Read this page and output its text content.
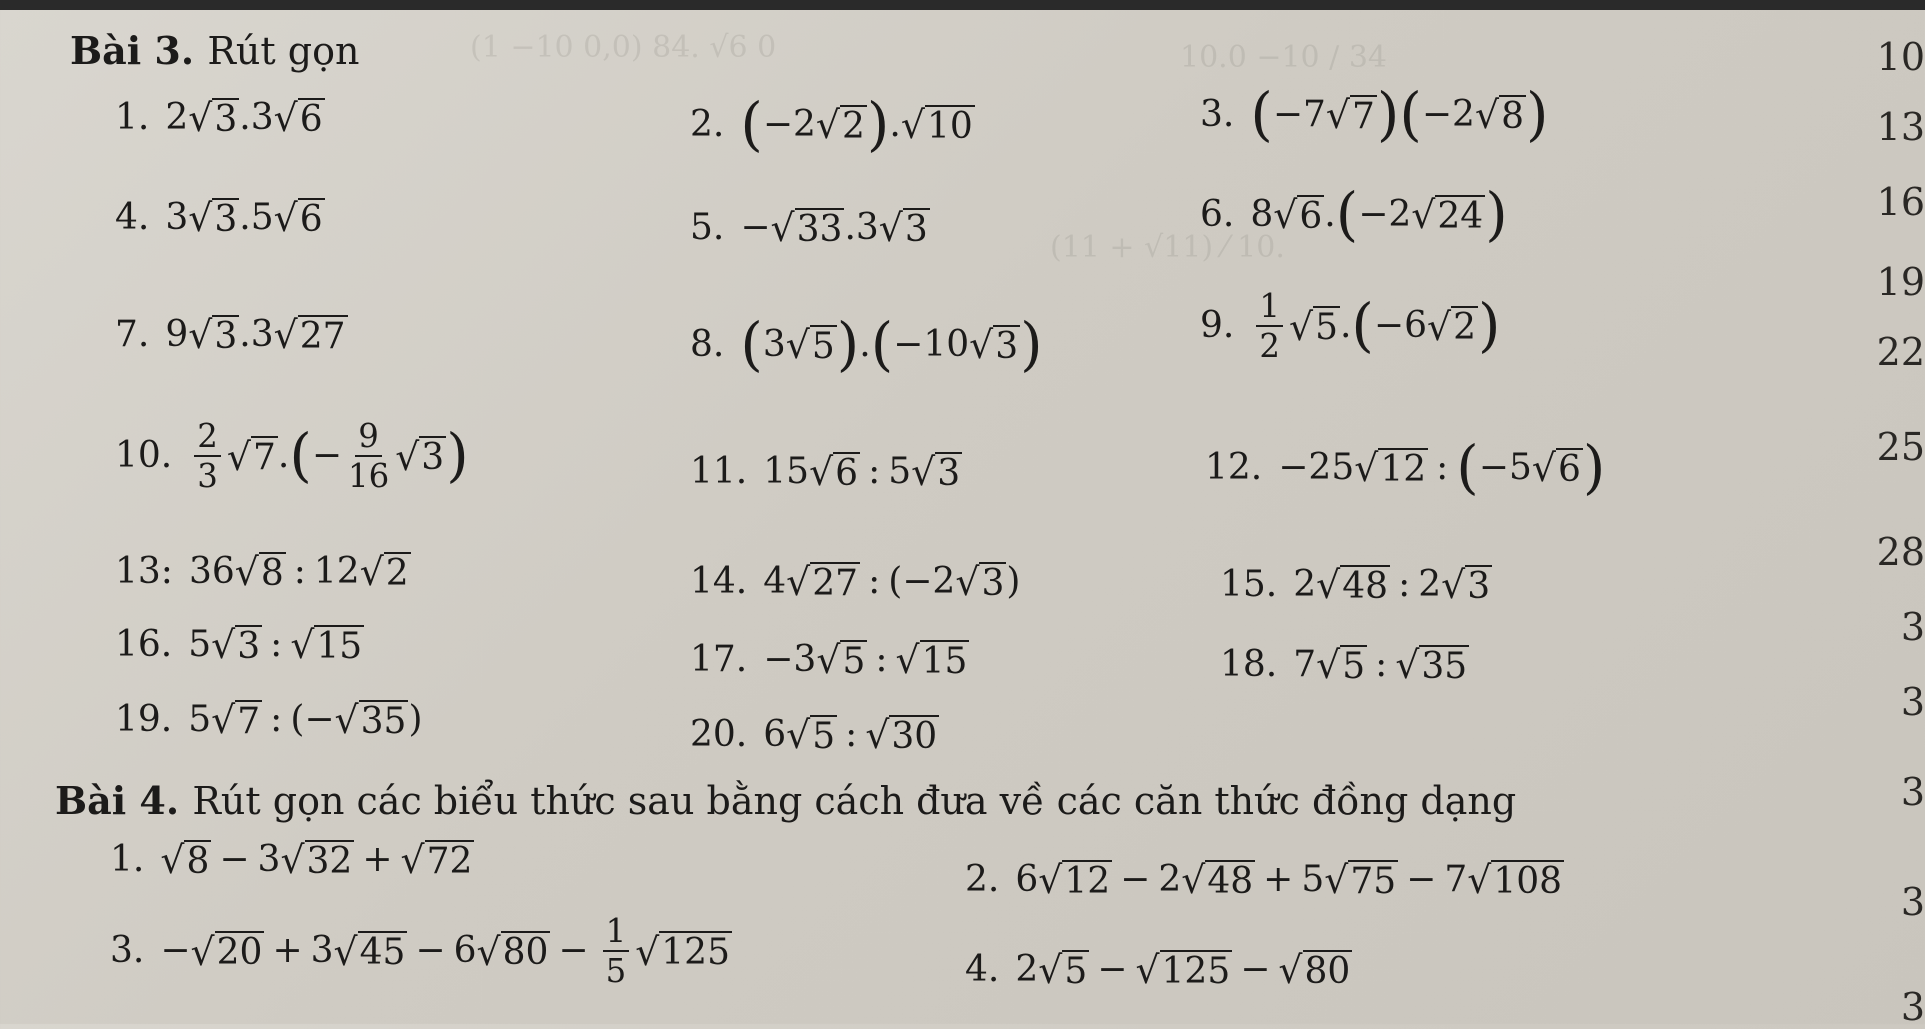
(1 −10 0,0) 84. √6 0	10.0 −10 / 34
(11 + √11) ⁄ 10.
Bài 3. Rút gọn
1. 2 √ 3 .3 √ 6	2. ( −2 √ 2 ) . √ 10	3. ( −7 √ 7 ) ( −2 √ 8 )
4. 3 √ 3 .5 √ 6	5. − √ 33 .3 √ 3	6. 8 √ 6 . ( −2 √ 24 )
7. 9 √ 3 .3 √ 27	8. ( 3 √ 5 ) . ( −10 √ 3 )	9. $\frac{1}{2}$ √ 5 . ( −6 √ 2 )
10. $\frac{2}{3}$ √ 7 . ( − $\frac{9}{16}$ √ 3 )	11. 15 √ 6 : 5 √ 3	12. −25 √ 12 : ( −5 √ 6 )
13: 36 √ 8 : 12 √ 2	14. 4 √ 27 : (−2 √ 3 )	15. 2 √ 48 : 2 √ 3
16. 5 √ 3 : √ 15	17. −3 √ 5 : √ 15	18. 7 √ 5 : √ 35
19. 5 √ 7 : (− √ 35 )	20. 6 √ 5 : √ 30
Bài 4. Rút gọn các biểu thức sau bằng cách đưa về các căn thức đồng dạng
1. √ 8 − 3 √ 32 + √ 72	2. 6 √ 12 − 2 √ 48 + 5 √ 75 − 7 √ 108
3. − √ 20 + 3 √ 45 − 6 √ $80 - \frac{1}{5}$ √ 125	4. 2 √ 5 − √ 125 − √ 80
10
13
16
19
22
25
28
3
3
3
3
3
